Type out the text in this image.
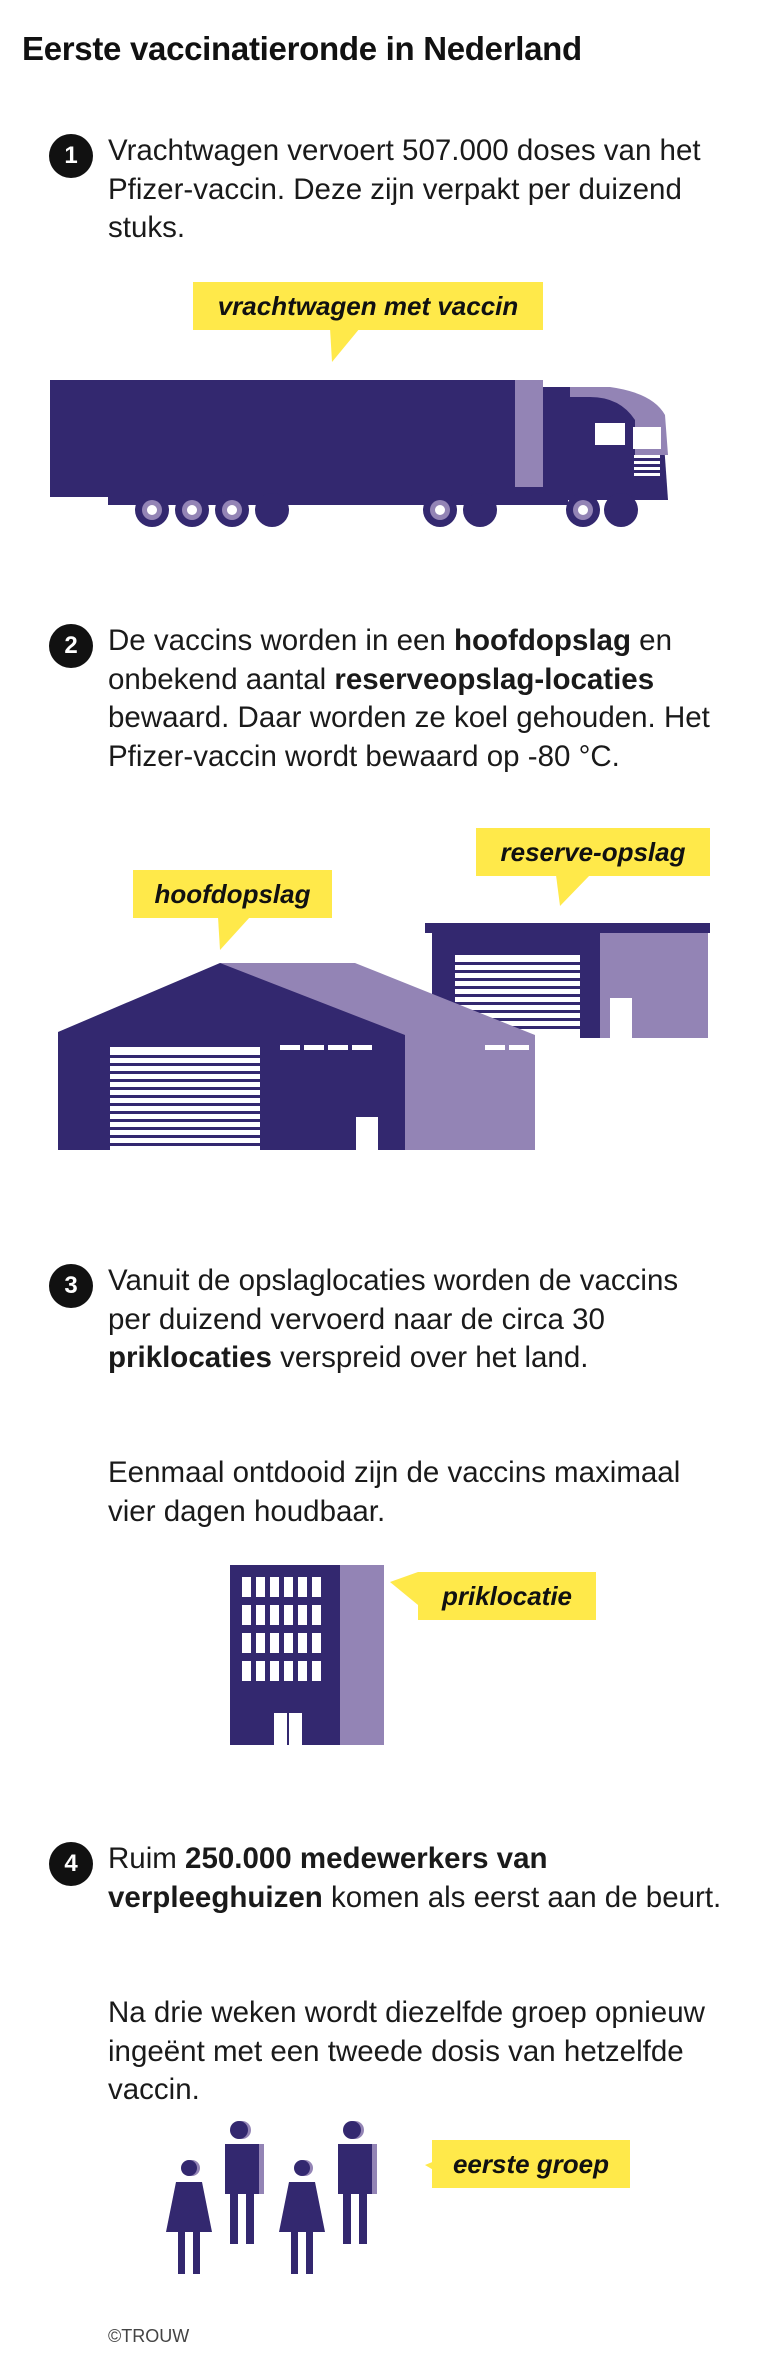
Eerste vaccinatieronde in Nederland
1	Vrachtwagen vervoert 507.000 doses van het Pfizer-vaccin. Deze zijn verpakt per duizend stuks.

vrachtwagen met vaccin
2	De vaccins worden in een hoofdopslag en onbekend aantal reserveopslag-locaties bewaard. Daar worden ze koel gehouden. Het Pfizer-vaccin wordt bewaard op -80 °C.

reserve-opslag
hoofdopslag
3	Vanuit de opslaglocaties worden de vaccins per duizend vervoerd naar de circa 30 priklocaties verspreid over het land.

Eenmaal ontdooid zijn de vaccins maximaal vier dagen houdbaar.

priklocatie
4	Ruim 250.000 medewerkers van verpleeghuizen komen als eerst aan de beurt.

Na drie weken wordt diezelfde groep opnieuw ingeënt met een tweede dosis van hetzelfde vaccin.

eerste groep
©TROUW
